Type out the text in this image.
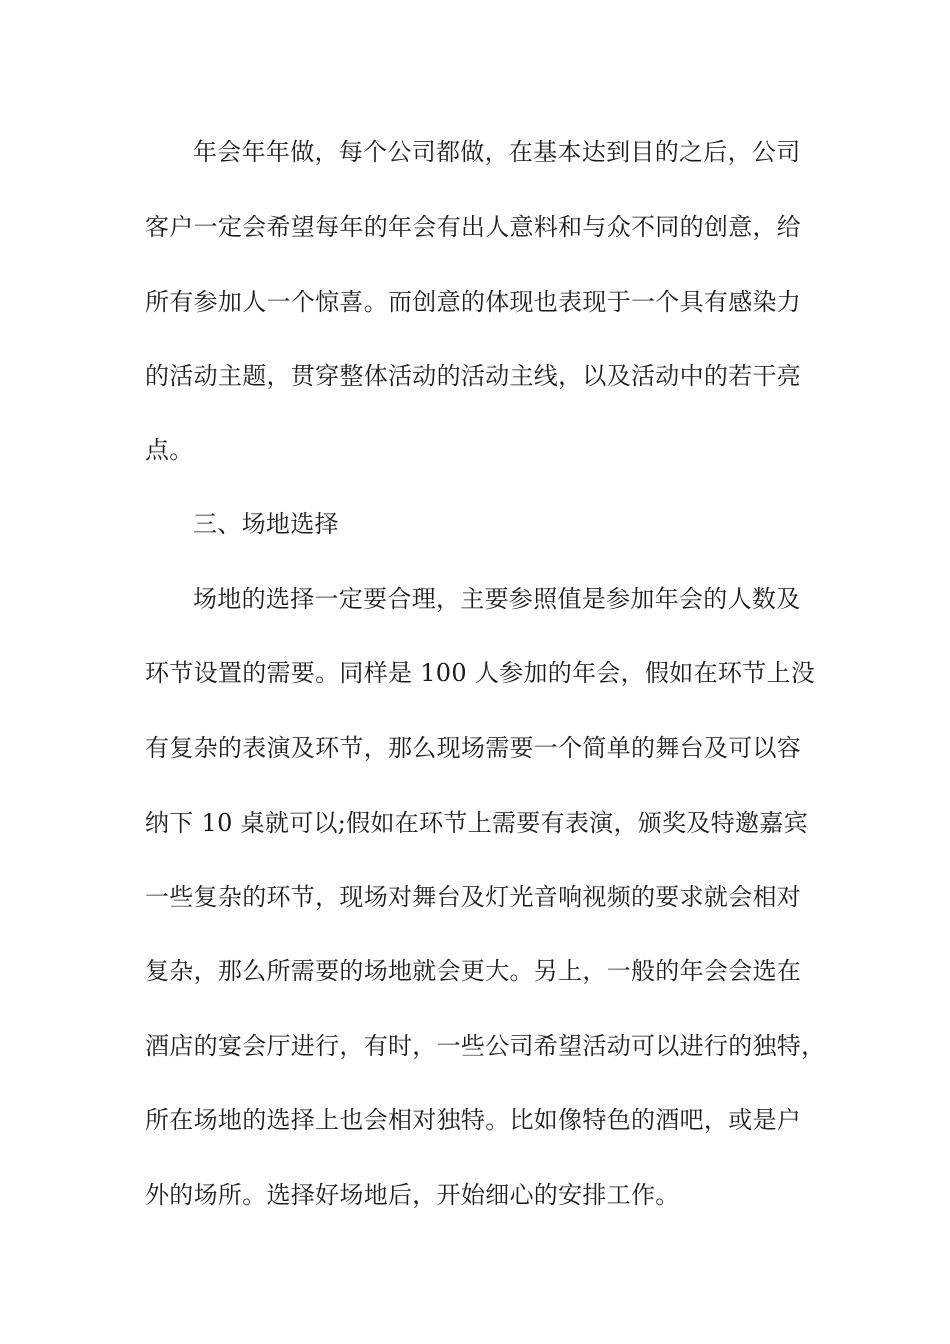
年会年年做，每个公司都做，在基本达到目的之后，公司
客户一定会希望每年的年会有出人意料和与众不同的创意，给
所有参加人一个惊喜。而创意的体现也表现于一个具有感染力
的活动主题，贯穿整体活动的活动主线，以及活动中的若干亮
点。
三、场地选择
场地的选择一定要合理，主要参照值是参加年会的人数及
环节设置的需要。同样是 100 人参加的年会，假如在环节上没
有复杂的表演及环节，那么现场需要一个简单的舞台及可以容
纳下 10 桌就可以;假如在环节上需要有表演，颁奖及特邀嘉宾
一些复杂的环节，现场对舞台及灯光音响视频的要求就会相对
复杂，那么所需要的场地就会更大。另上，一般的年会会选在
酒店的宴会厅进行，有时，一些公司希望活动可以进行的独特，
所在场地的选择上也会相对独特。比如像特色的酒吧，或是户
外的场所。选择好场地后，开始细心的安排工作。
